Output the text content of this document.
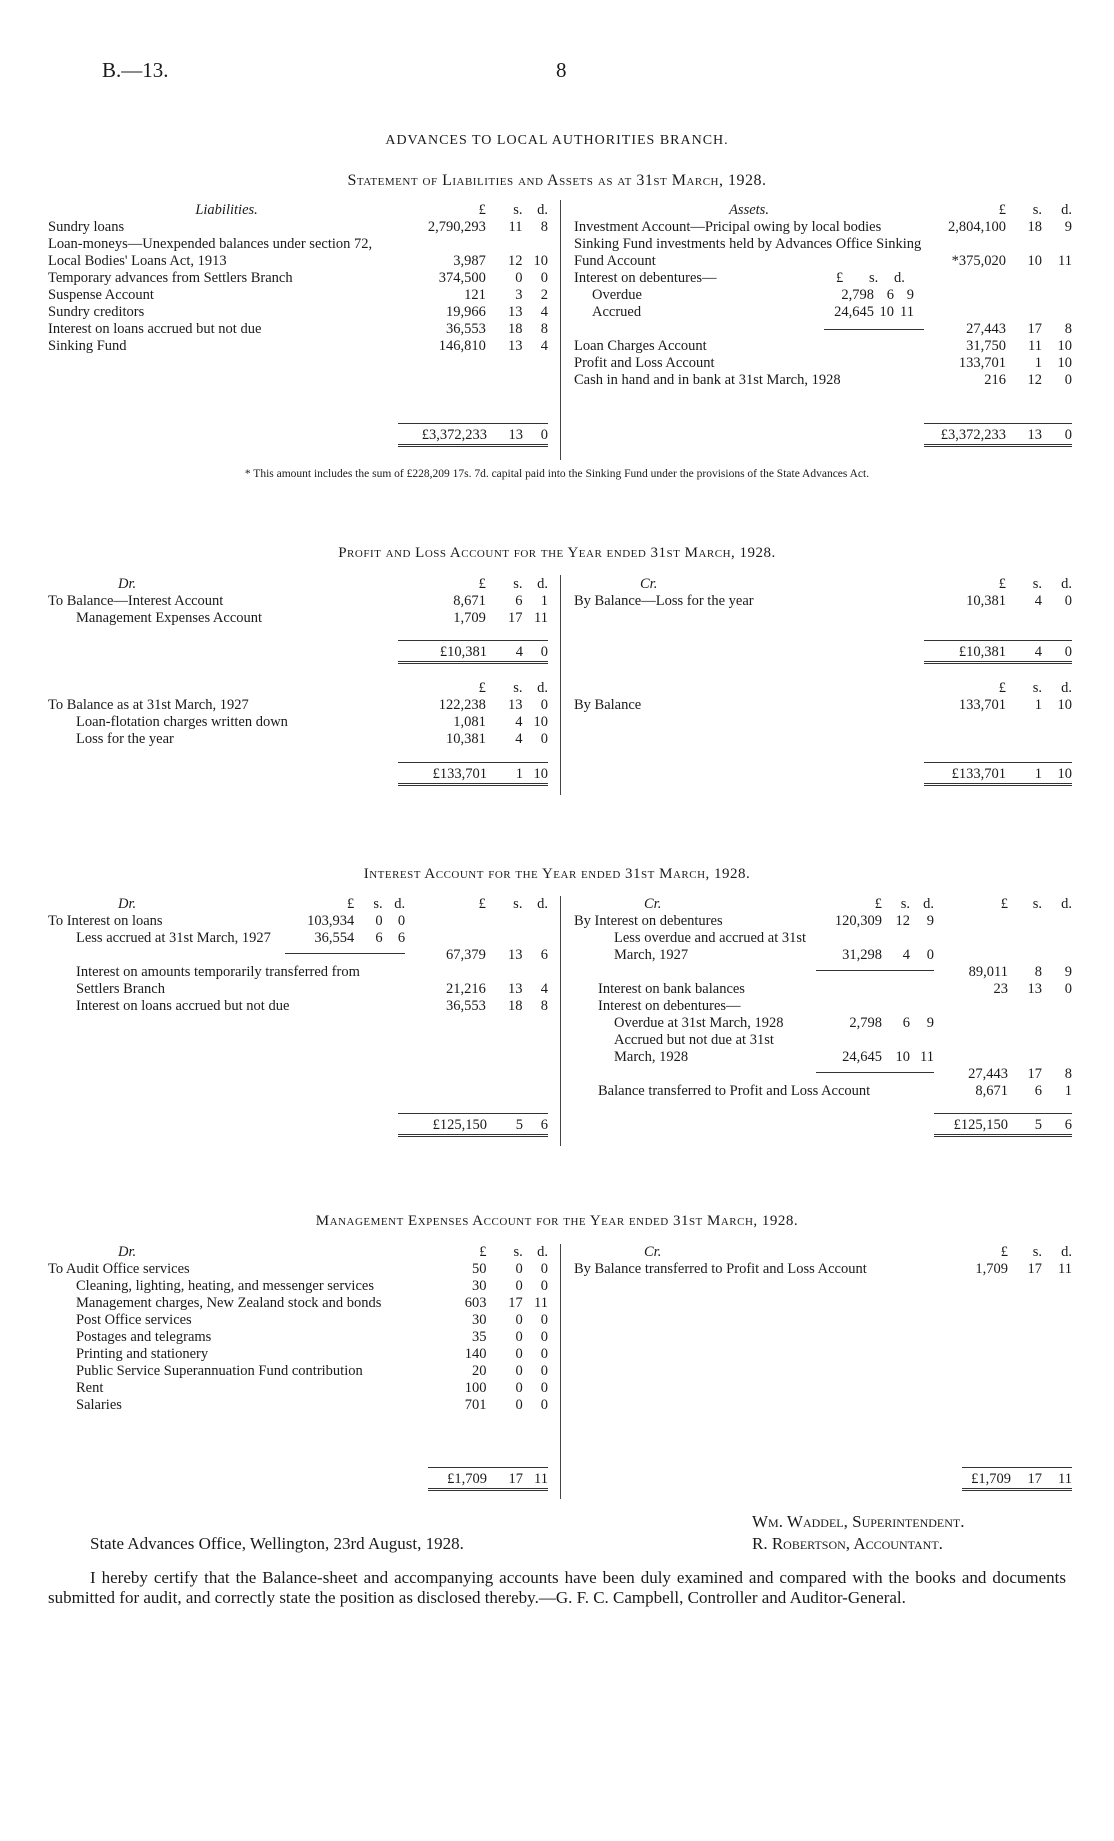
B.—13.	8
ADVANCES TO LOCAL AUTHORITIES BRANCH.
Statement of Liabilities and Assets as at 31st March, 1928.
Liabilities.	£	s.	d.
Sundry loans	2,790,293	11	8
Loan-moneys—Unexpended balances under section 72, Local Bodies' Loans Act, 1913	3,987	12	10
Temporary advances from Settlers Branch	374,500	0	0
Suspense Account	121	3	2
Sundry creditors	19,966	13	4
Interest on loans accrued but not due	36,553	18	8
Sinking Fund	146,810	13	4
£3,372,233	13	0
Assets.	£	s.	d.
Investment Account—Pricipal owing by local bodies	2,804,100	18	9
Sinking Fund investments held by Advances Office Sinking Fund Account	*375,020	10	11
Interest on debentures— £ s. d.			

Overdue 2,798 6 9			

Accrued 24,645 10 11			

	27,443	17	8
Loan Charges Account	31,750	11	10
Profit and Loss Account	133,701	1	10
Cash in hand and in bank at 31st March, 1928	216	12	0
£3,372,233	13	0
* This amount includes the sum of £228,209 17s. 7d. capital paid into the Sinking Fund under the provisions of the State Advances Act.
Profit and Loss Account for the Year ended 31st March, 1928.
Dr.	Cr.
	£	s.	d.
To Balance—Interest Account	8,671	6	1
Management Expenses Account	1,709	17	11
£10,381	4	0
	£	s.	d.
By Balance—Loss for the year	10,381	4	0
£10,381	4	0
	£	s.	d.
To Balance as at 31st March, 1927	122,238	13	0
Loan-flotation charges written down	1,081	4	10
Loss for the year	10,381	4	0
£133,701	1	10
	£	s.	d.
By Balance	133,701	1	10
£133,701	1	10
Interest Account for the Year ended 31st March, 1928.
Dr.	£	s.	d.	£	s.	d.
To Interest on loans	103,934	0	0			
Less accrued at 31st March, 1927	36,554	6	6			

			67,379	13	6
Interest on amounts temporarily transferred from Settlers Branch				21,216	13	4
Interest on loans accrued but not due				36,553	18	8
£125,150	5	6
Cr.	£	s.	d.	£	s.	d.
By Interest on debentures	120,309	12	9			
Less overdue and accrued at 31st March, 1927	31,298	4	0			

			89,011	8	9
Interest on bank balances				23	13	0
Interest on debentures—						
Overdue at 31st March, 1928	2,798	6	9			
Accrued but not due at 31st March, 1928	24,645	10	11			

			27,443	17	8
Balance transferred to Profit and Loss Account				8,671	6	1
£125,150	5	6
Management Expenses Account for the Year ended 31st March, 1928.
Dr.	£	s.	d.
To Audit Office services	50	0	0
Cleaning, lighting, heating, and messenger services	30	0	0
Management charges, New Zealand stock and bonds	603	17	11
Post Office services	30	0	0
Postages and telegrams	35	0	0
Printing and stationery	140	0	0
Public Service Superannuation Fund contribution	20	0	0
Rent	100	0	0
Salaries	701	0	0
£1,709	17	11
Cr.	£	s.	d.
By Balance transferred to Profit and Loss Account	1,709	17	11
£1,709	17	11
State Advances Office, Wellington, 23rd August, 1928.
Wm. Waddel, Superintendent.
R. Robertson, Accountant.
I hereby certify that the Balance-sheet and accompanying accounts have been duly examined and compared with the books and documents submitted for audit, and correctly state the position as disclosed thereby.—G. F. C. Campbell, Controller and Auditor-General.
